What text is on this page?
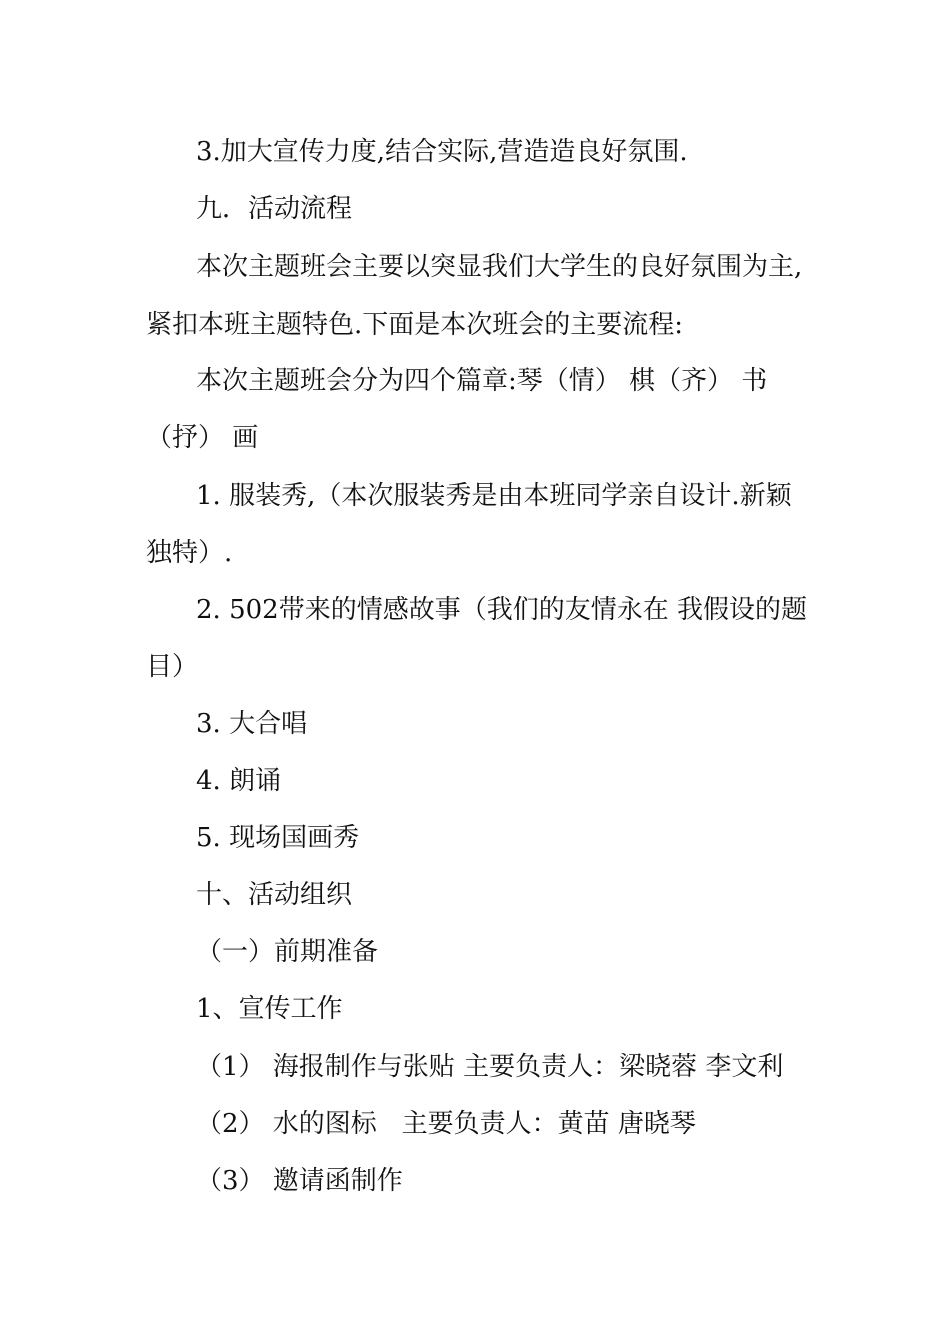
3.加大宣传力度,结合实际,营造造良好氛围.
九．活动流程
本次主题班会主要以突显我们大学生的良好氛围为主,
紧扣本班主题特色.下面是本次班会的主要流程:
本次主题班会分为四个篇章:琴（情） 棋（齐） 书
（抒） 画
1. 服装秀,（本次服装秀是由本班同学亲自设计.新颖
独特）.
2. 502带来的情感故事（我们的友情永在 我假设的题
目）
3. 大合唱
4. 朗诵
5. 现场国画秀
十、活动组织
（一）前期准备
1、宣传工作
（1） 海报制作与张贴 主要负责人：梁晓蓉 李文利
（2） 水的图标   主要负责人：黄苗 唐晓琴
（3） 邀请函制作
